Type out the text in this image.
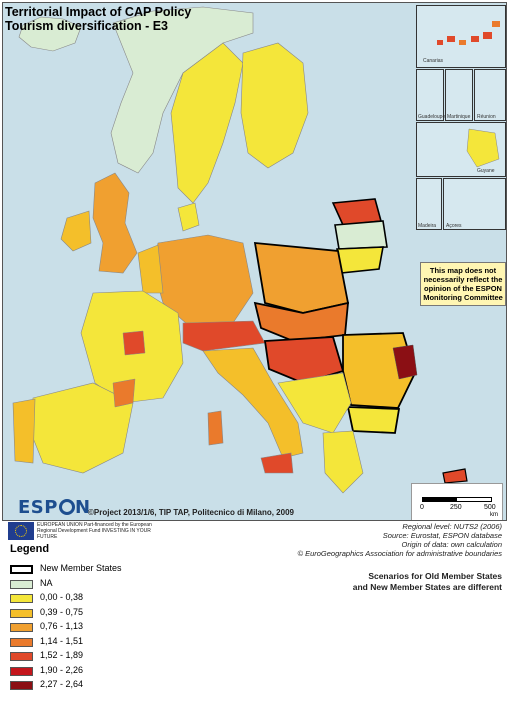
Territorial Impact of CAP Policy
Tourism diversification - E3
Canarias
Guadeloupe Martinique Réunion
Guyane
Madeira Açores
This map does not necessarily reflect the opinion of the ESPON Monitoring Committee
ESP N
©Project 2013/1/6, TIP TAP, Politecnico di Milano, 2009
0	250	500
km
EUROPEAN UNION Part-financed by the European Regional Development Fund INVESTING IN YOUR FUTURE
Regional level: NUTS2 (2006)
Source: Eurostat, ESPON database
Origin of data: own calculation
© EuroGeographics Association for administrative boundaries
Legend
New Member States
NA
0,00 - 0,38
0,39 - 0,75
0,76 - 1,13
1,14 - 1,51
1,52 - 1,89
1,90 - 2,26
2,27 - 2,64
Scenarios for Old Member States
and New Member States are different
